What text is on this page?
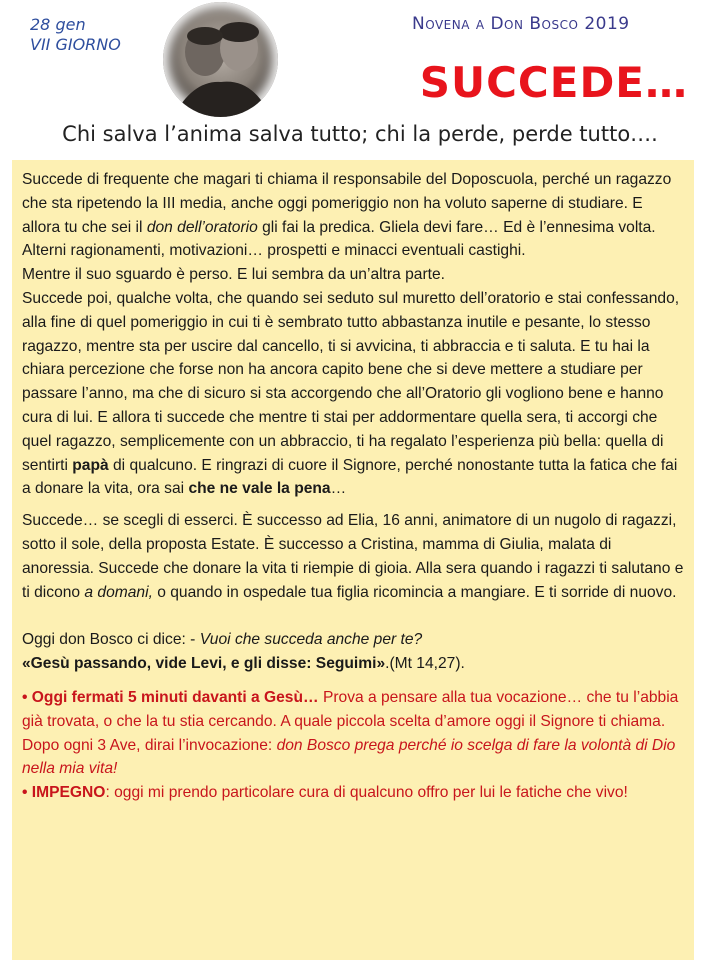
28 gen
VII GIORNO
Novena a Don Bosco 2019
SUCCEDE…
Chi salva l’anima salva tutto; chi la perde, perde tutto….

Succede di frequente che magari ti chiama il responsabile del Doposcuola, perché un ragazzo che sta ripetendo la III media, anche oggi pomeriggio non ha voluto saperne di studiare. E allora tu che sei il don dell’oratorio gli fai la predica. Gliela devi fare… Ed è l’ennesima volta. Alterni ragionamenti, motivazioni… prospetti e minacci eventuali castighi.

Mentre il suo sguardo è perso. E lui sembra da un’altra parte.

Succede poi, qualche volta, che quando sei seduto sul muretto dell’oratorio e stai confessando, alla fine di quel pomeriggio in cui ti è sembrato tutto abbastanza inutile e pesante, lo stesso ragazzo, mentre sta per uscire dal cancello, ti si avvicina, ti abbraccia e ti saluta. E tu hai la chiara percezione che forse non ha ancora capito bene che si deve mettere a studiare per passare l’anno, ma che di sicuro si sta accorgendo che all’Oratorio gli vogliono bene e hanno cura di lui. E allora ti succede che mentre ti stai per addormentare quella sera, ti accorgi che quel ragazzo, semplicemente con un abbraccio, ti ha regalato l’esperienza più bella: quella di sentirti papà di qualcuno. E ringrazi di cuore il Signore, perché nonostante tutta la fatica che fai a donare la vita, ora sai che ne vale la pena…

Succede… se scegli di esserci. È successo ad Elia, 16 anni, animatore di un nugolo di ragazzi, sotto il sole, della proposta Estate. È successo a Cristina, mamma di Giulia, malata di anoressia. Succede che donare la vita ti riempie di gioia. Alla sera quando i ragazzi ti salutano e ti dicono a domani, o quando in ospedale tua figlia ricomincia a mangiare. E ti sorride di nuovo.

Oggi don Bosco ci dice: - Vuoi che succeda anche per te?

«Gesù passando, vide Levi, e gli disse: Seguimi».(Mt 14,27).

• Oggi fermati 5 minuti davanti a Gesù… Prova a pensare alla tua vocazione… che tu l’abbia già trovata, o che la tu stia cercando. A quale piccola scelta d’amore oggi il Signore ti chiama. Dopo ogni 3 Ave, dirai l’invocazione: don Bosco prega perché io scelga di fare la volontà di Dio nella mia vita!

• IMPEGNO: oggi mi prendo particolare cura di qualcuno offro per lui le fatiche che vivo!
